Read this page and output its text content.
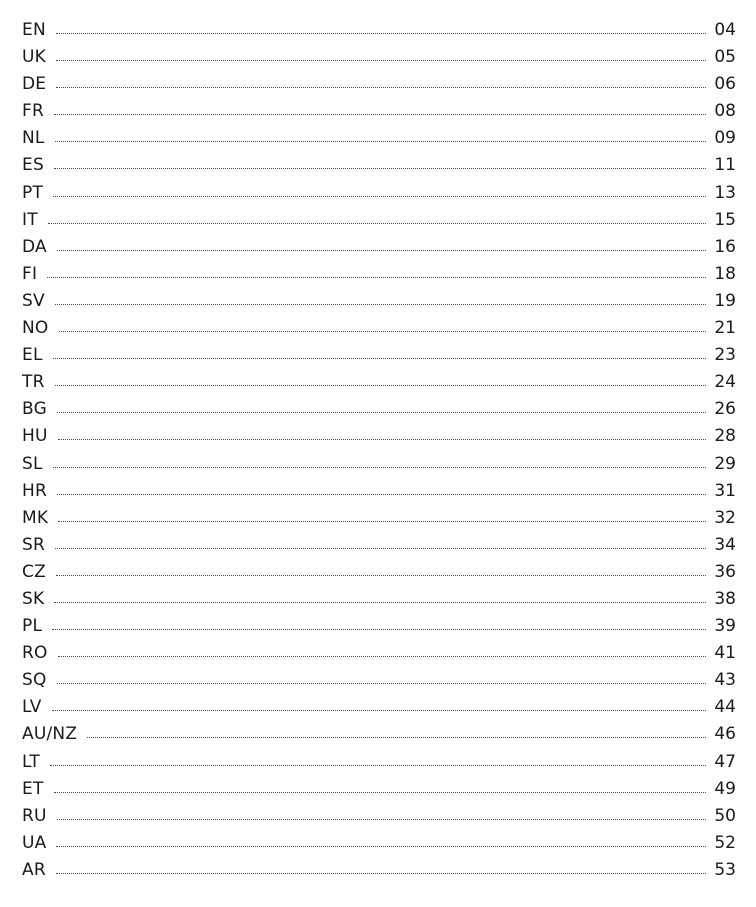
EN	04
UK	05
DE	06
FR	08
NL	09
ES	11
PT	13
IT	15
DA	16
FI	18
SV	19
NO	21
EL	23
TR	24
BG	26
HU	28
SL	29
HR	31
MK	32
SR	34
CZ	36
SK	38
PL	39
RO	41
SQ	43
LV	44
AU/NZ	46
LT	47
ET	49
RU	50
UA	52
AR	53
